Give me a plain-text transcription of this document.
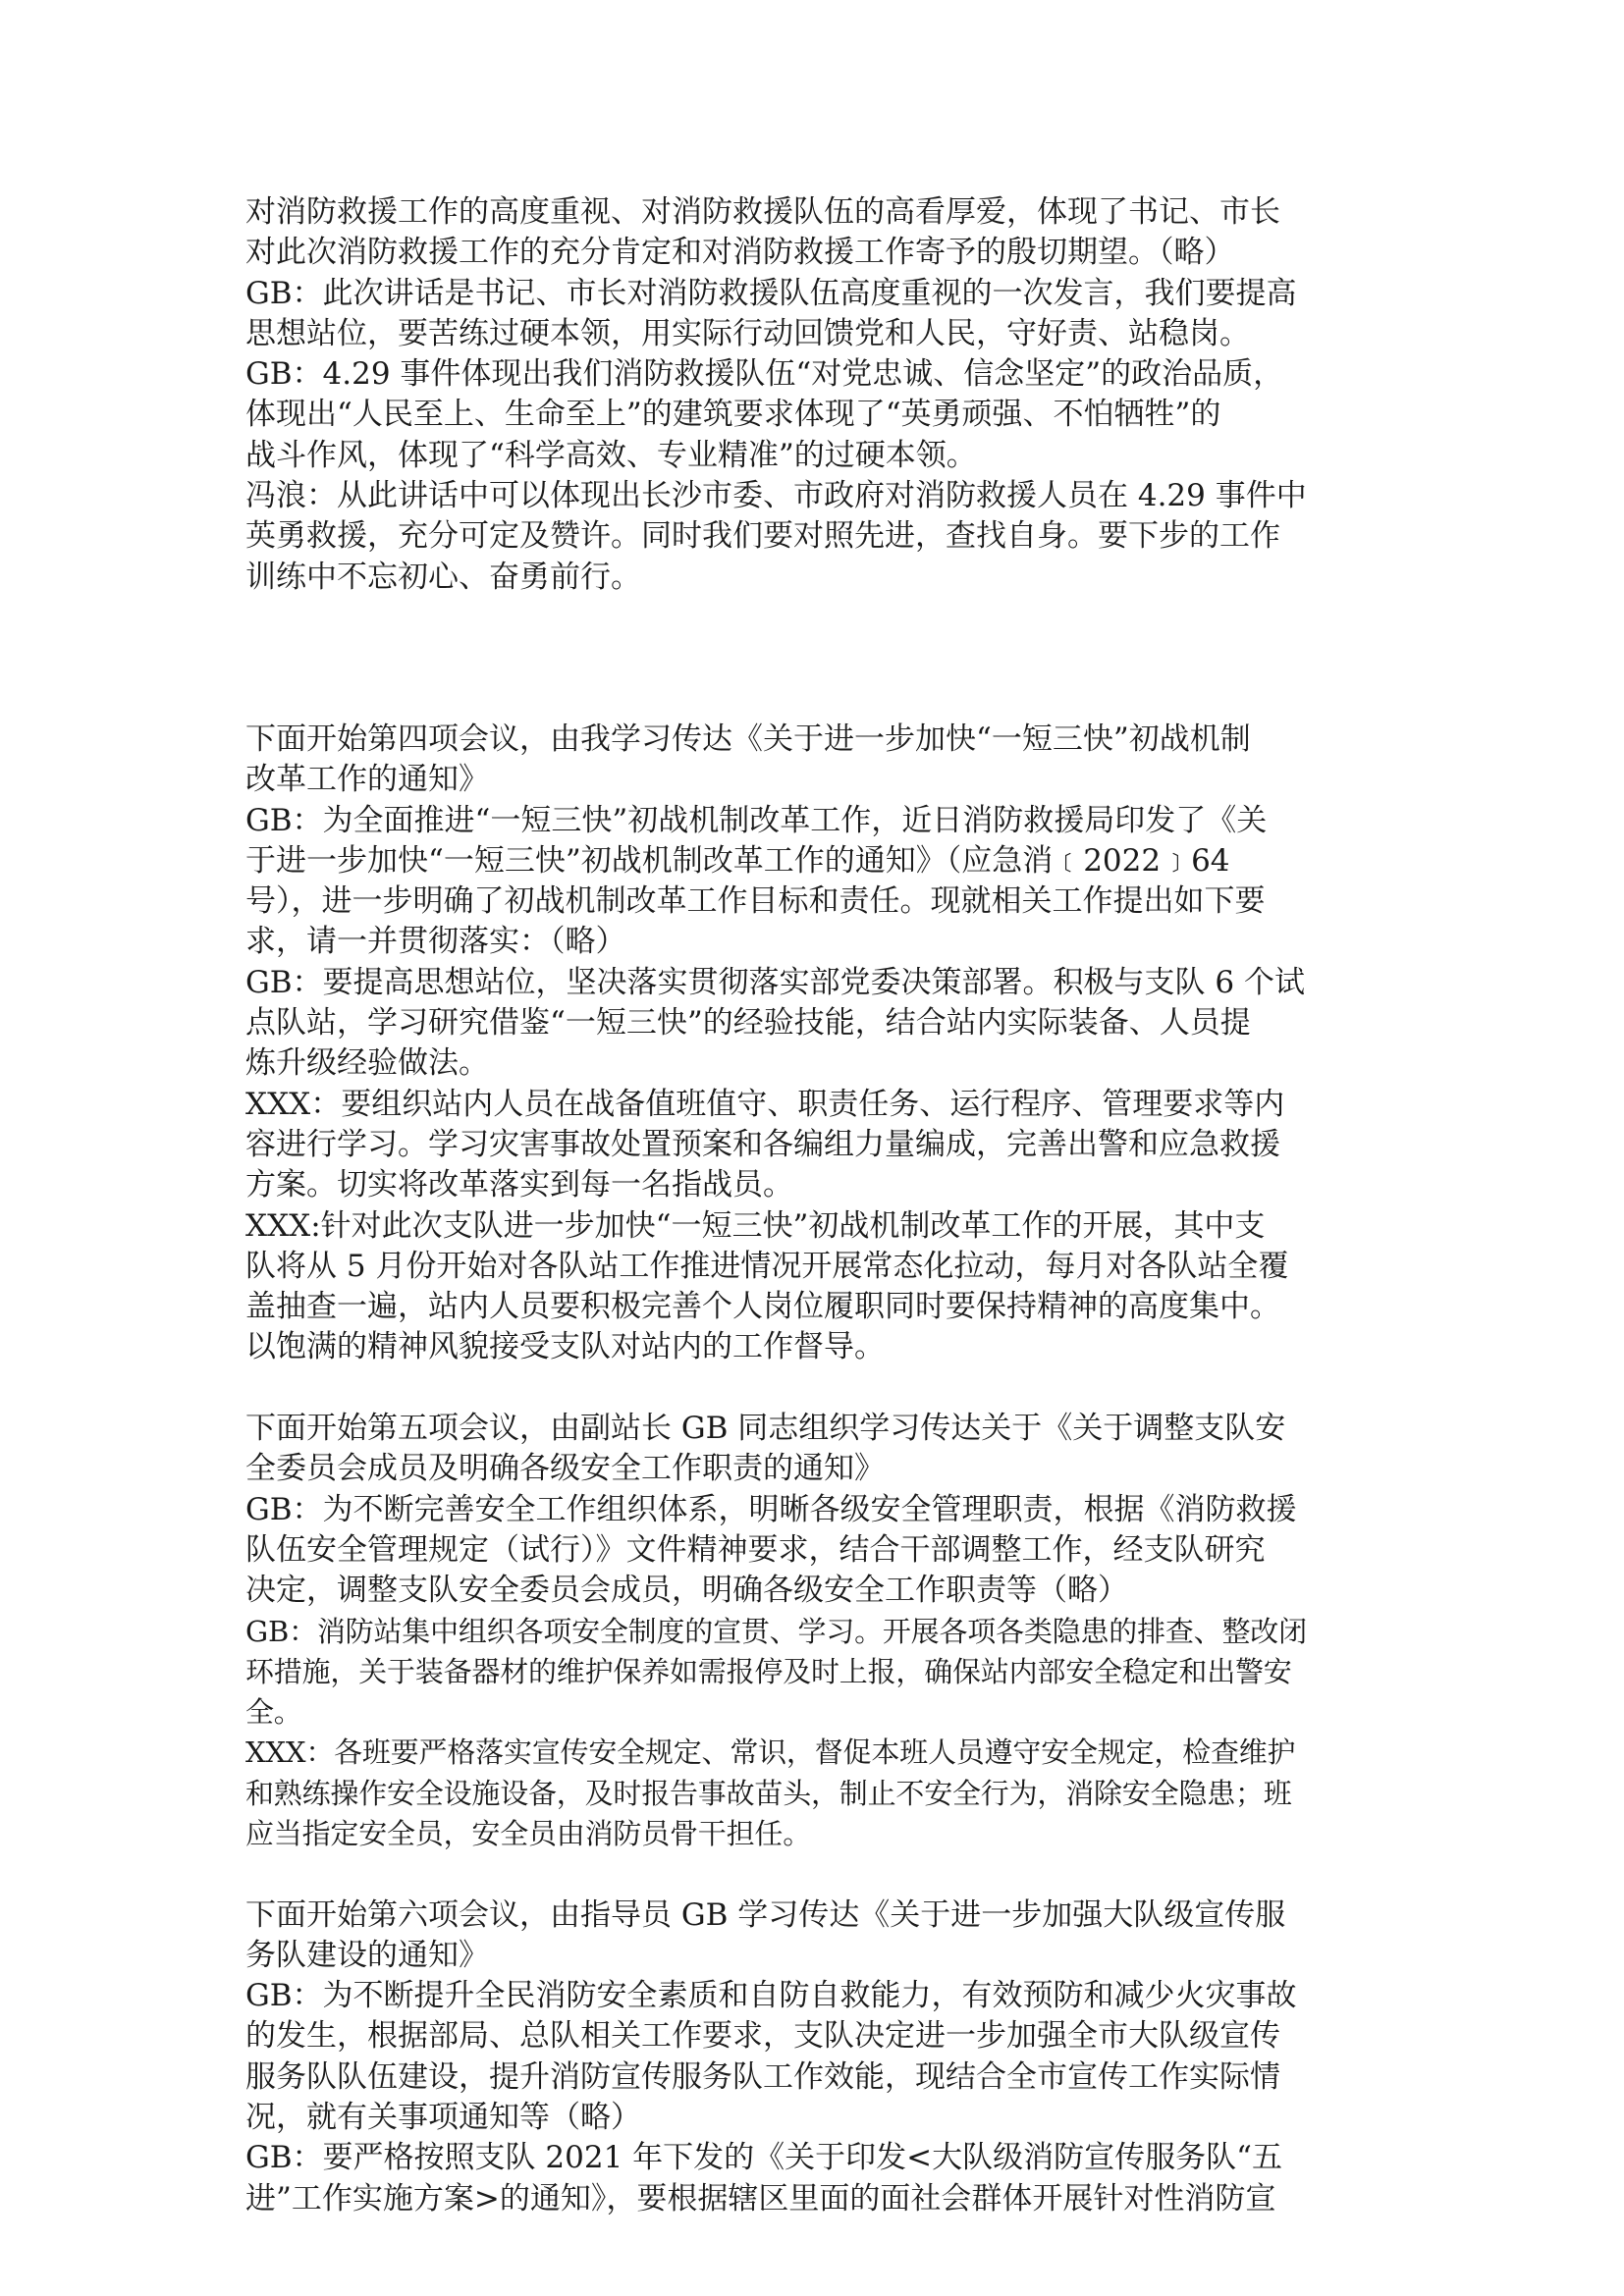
对消防救援工作的高度重视、对消防救援队伍的高看厚爱，体现了书记、市长

对此次消防救援工作的充分肯定和对消防救援工作寄予的殷切期望。（略）

GB：此次讲话是书记、市长对消防救援队伍高度重视的一次发言，我们要提高

思想站位，要苦练过硬本领，用实际行动回馈党和人民，守好责、站稳岗。

GB：4.29 事件体现出我们消防救援队伍“对党忠诚、信念坚定”的政治品质，

体现出“人民至上、生命至上”的建筑要求体现了“英勇顽强、不怕牺牲”的

战斗作风，体现了“科学高效、专业精准”的过硬本领。

冯浪：从此讲话中可以体现出长沙市委、市政府对消防救援人员在 4.29 事件中

英勇救援，充分可定及赞许。同时我们要对照先进，查找自身。要下步的工作

训练中不忘初心、奋勇前行。

下面开始第四项会议，由我学习传达《关于进一步加快“一短三快”初战机制

改革工作的通知》

GB：为全面推进“一短三快”初战机制改革工作，近日消防救援局印发了《关

于进一步加快“一短三快”初战机制改革工作的通知》（应急消﹝2022﹞64

号），进一步明确了初战机制改革工作目标和责任。现就相关工作提出如下要

求，请一并贯彻落实：（略）

GB：要提高思想站位，坚决落实贯彻落实部党委决策部署。积极与支队 6 个试

点队站，学习研究借鉴“一短三快”的经验技能，结合站内实际装备、人员提

炼升级经验做法。

XXX：要组织站内人员在战备值班值守、职责任务、运行程序、管理要求等内

容进行学习。学习灾害事故处置预案和各编组力量编成，完善出警和应急救援

方案。切实将改革落实到每一名指战员。

XXX:针对此次支队进一步加快“一短三快”初战机制改革工作的开展，其中支

队将从 5 月份开始对各队站工作推进情况开展常态化拉动，每月对各队站全覆

盖抽查一遍，站内人员要积极完善个人岗位履职同时要保持精神的高度集中。

以饱满的精神风貌接受支队对站内的工作督导。

下面开始第五项会议，由副站长 GB 同志组织学习传达关于《关于调整支队安

全委员会成员及明确各级安全工作职责的通知》

GB：为不断完善安全工作组织体系，明晰各级安全管理职责，根据《消防救援

队伍安全管理规定（试行）》文件精神要求，结合干部调整工作，经支队研究

决定，调整支队安全委员会成员，明确各级安全工作职责等（略）

GB：消防站集中组织各项安全制度的宣贯、学习。开展各项各类隐患的排查、整改闭

环措施，关于装备器材的维护保养如需报停及时上报，确保站内部安全稳定和出警安

全。

XXX：各班要严格落实宣传安全规定、常识，督促本班人员遵守安全规定，检查维护

和熟练操作安全设施设备，及时报告事故苗头，制止不安全行为，消除安全隐患；班

应当指定安全员，安全员由消防员骨干担任。

下面开始第六项会议，由指导员 GB 学习传达《关于进一步加强大队级宣传服

务队建设的通知》

GB：为不断提升全民消防安全素质和自防自救能力，有效预防和减少火灾事故

的发生，根据部局、总队相关工作要求，支队决定进一步加强全市大队级宣传

服务队队伍建设，提升消防宣传服务队工作效能，现结合全市宣传工作实际情

况，就有关事项通知等（略）

GB：要严格按照支队 2021 年下发的《关于印发<大队级消防宣传服务队“五

进”工作实施方案>的通知》，要根据辖区里面的面社会群体开展针对性消防宣
